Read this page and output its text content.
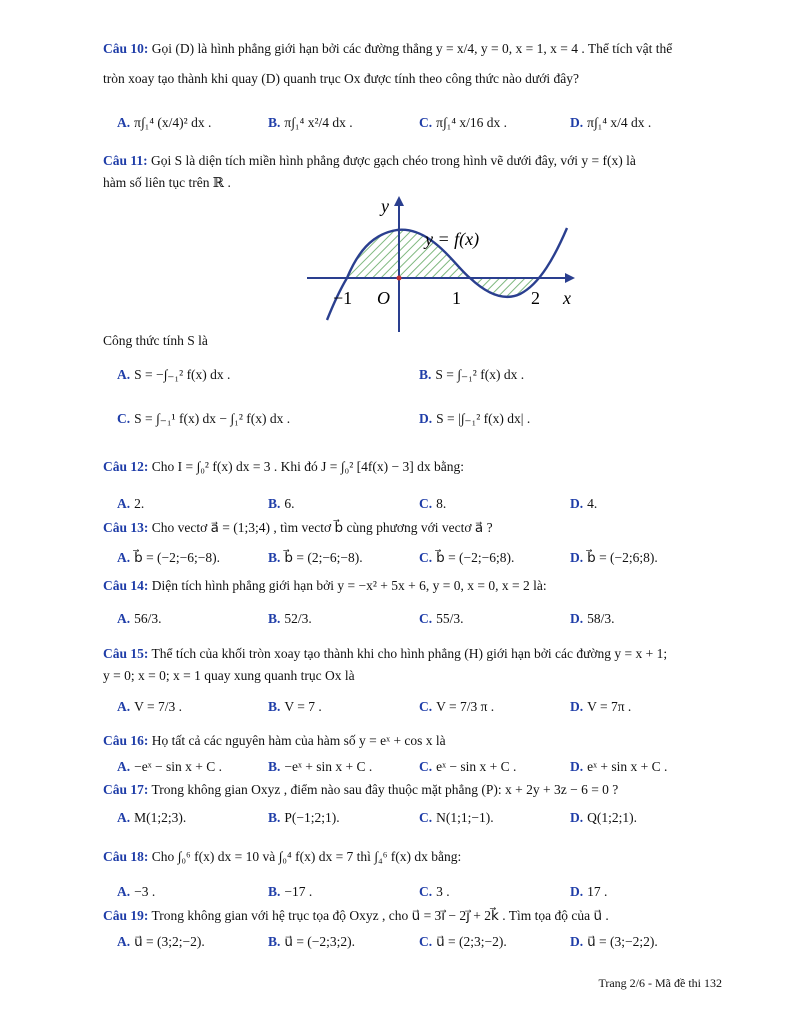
Câu 10: Gọi (D) là hình phẳng giới hạn bởi các đường thẳng y = x/4, y = 0, x = 1, x = 4 . Thể tích vật thể
tròn xoay tạo thành khi quay (D) quanh trục Ox được tính theo công thức nào dưới đây?
A. π∫₁⁴ (x/4)² dx .	B. π∫₁⁴ x²/4 dx .	C. π∫₁⁴ x/16 dx .	D. π∫₁⁴ x/4 dx .
Câu 11: Gọi S là diện tích miền hình phẳng được gạch chéo trong hình vẽ dưới đây, với y = f(x) là
hàm số liên tục trên ℝ .
y
x
y = f(x)
−1 O	1	2
Công thức tính S là
A. S = −∫₋₁² f(x) dx .	B. S = ∫₋₁² f(x) dx .
C. S = ∫₋₁¹ f(x) dx − ∫₁² f(x) dx .	D. S = |∫₋₁² f(x) dx| .
Câu 12: Cho I = ∫₀² f(x) dx = 3 . Khi đó J = ∫₀² [4f(x) − 3] dx bằng:
A. 2.	B. 6.	C. 8.	D. 4.
Câu 13: Cho vectơ a⃗ = (1;3;4) , tìm vectơ b⃗ cùng phương với vectơ a⃗ ?
A. b⃗ = (−2;−6;−8).	B. b⃗ = (2;−6;−8).	C. b⃗ = (−2;−6;8).	D. b⃗ = (−2;6;8).
Câu 14: Diện tích hình phẳng giới hạn bởi y = −x² + 5x + 6, y = 0, x = 0, x = 2 là:
A. 56/3.	B. 52/3.	C. 55/3.	D. 58/3.
Câu 15: Thể tích của khối tròn xoay tạo thành khi cho hình phẳng (H) giới hạn bởi các đường y = x + 1;
y = 0; x = 0; x = 1 quay xung quanh trục Ox là
A. V = 7/3 .	B. V = 7 .	C. V = 7/3 π .	D. V = 7π .
Câu 16: Họ tất cả các nguyên hàm của hàm số y = eˣ + cos x là
A. −eˣ − sin x + C .	B. −eˣ + sin x + C .	C. eˣ − sin x + C .	D. eˣ + sin x + C .
Câu 17: Trong không gian Oxyz , điểm nào sau đây thuộc mặt phẳng (P): x + 2y + 3z − 6 = 0 ?
A. M(1;2;3).	B. P(−1;2;1).	C. N(1;1;−1).	D. Q(1;2;1).
Câu 18: Cho ∫₀⁶ f(x) dx = 10 và ∫₀⁴ f(x) dx = 7 thì ∫₄⁶ f(x) dx bằng:
A. −3 .	B. −17 .	C. 3 .	D. 17 .
Câu 19: Trong không gian với hệ trục tọa độ Oxyz , cho u⃗ = 3i⃗ − 2j⃗ + 2k⃗ . Tìm tọa độ của u⃗ .
A. u⃗ = (3;2;−2).	B. u⃗ = (−2;3;2).	C. u⃗ = (2;3;−2).	D. u⃗ = (3;−2;2).
Trang 2/6 - Mã đề thi 132
